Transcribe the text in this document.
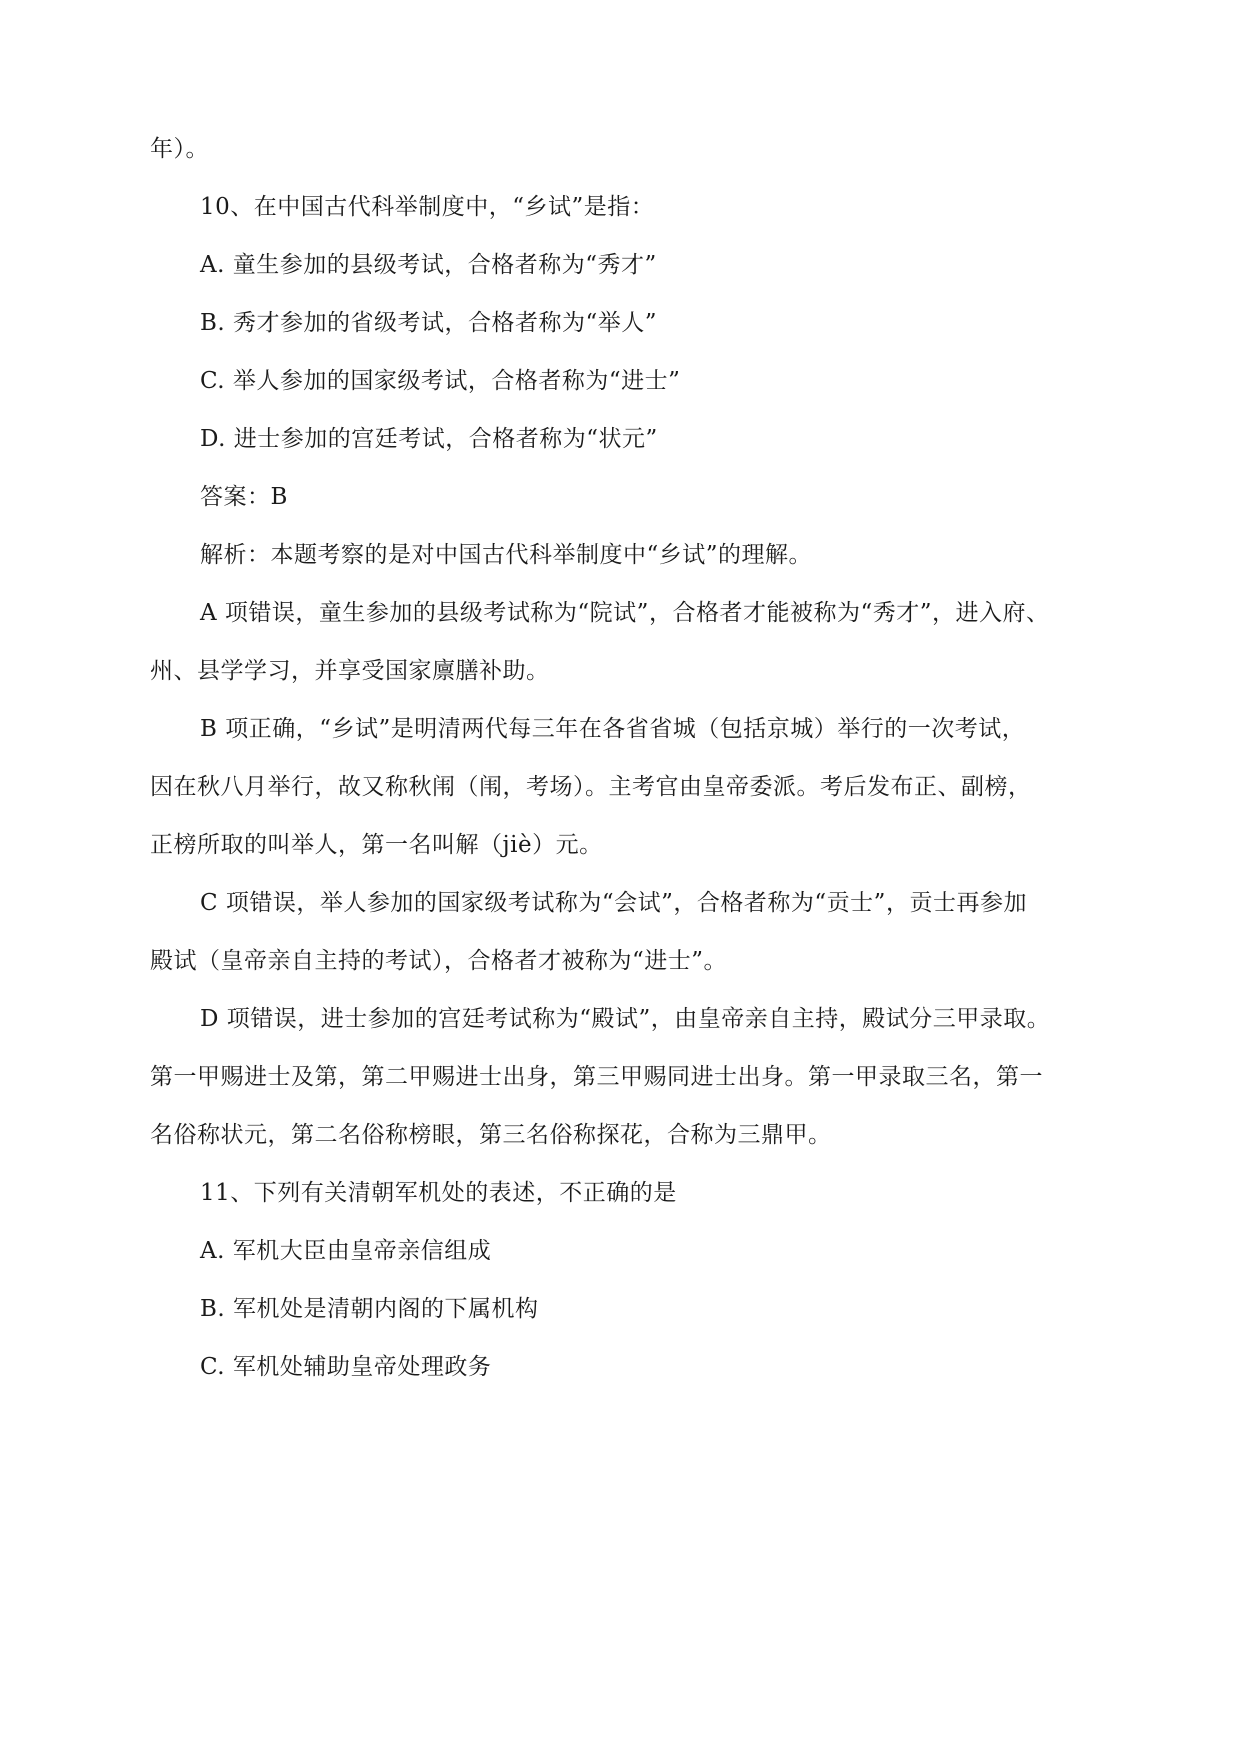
年）。
10、在中国古代科举制度中，“乡试”是指：
A. 童生参加的县级考试，合格者称为“秀才”
B. 秀才参加的省级考试，合格者称为“举人”
C. 举人参加的国家级考试，合格者称为“进士”
D. 进士参加的宫廷考试，合格者称为“状元”
答案：B
解析：本题考察的是对中国古代科举制度中“乡试”的理解。
A 项错误，童生参加的县级考试称为“院试”，合格者才能被称为“秀才”，进入府、
州、县学学习，并享受国家廪膳补助。
B 项正确，“乡试”是明清两代每三年在各省省城（包括京城）举行的一次考试，
因在秋八月举行，故又称秋闱（闱，考场）。主考官由皇帝委派。考后发布正、副榜，
正榜所取的叫举人，第一名叫解（jiè）元。
C 项错误，举人参加的国家级考试称为“会试”，合格者称为“贡士”，贡士再参加
殿试（皇帝亲自主持的考试），合格者才被称为“进士”。
D 项错误，进士参加的宫廷考试称为“殿试”，由皇帝亲自主持，殿试分三甲录取。
第一甲赐进士及第，第二甲赐进士出身，第三甲赐同进士出身。第一甲录取三名，第一
名俗称状元，第二名俗称榜眼，第三名俗称探花，合称为三鼎甲。
11、下列有关清朝军机处的表述，不正确的是
A. 军机大臣由皇帝亲信组成
B. 军机处是清朝内阁的下属机构
C. 军机处辅助皇帝处理政务
